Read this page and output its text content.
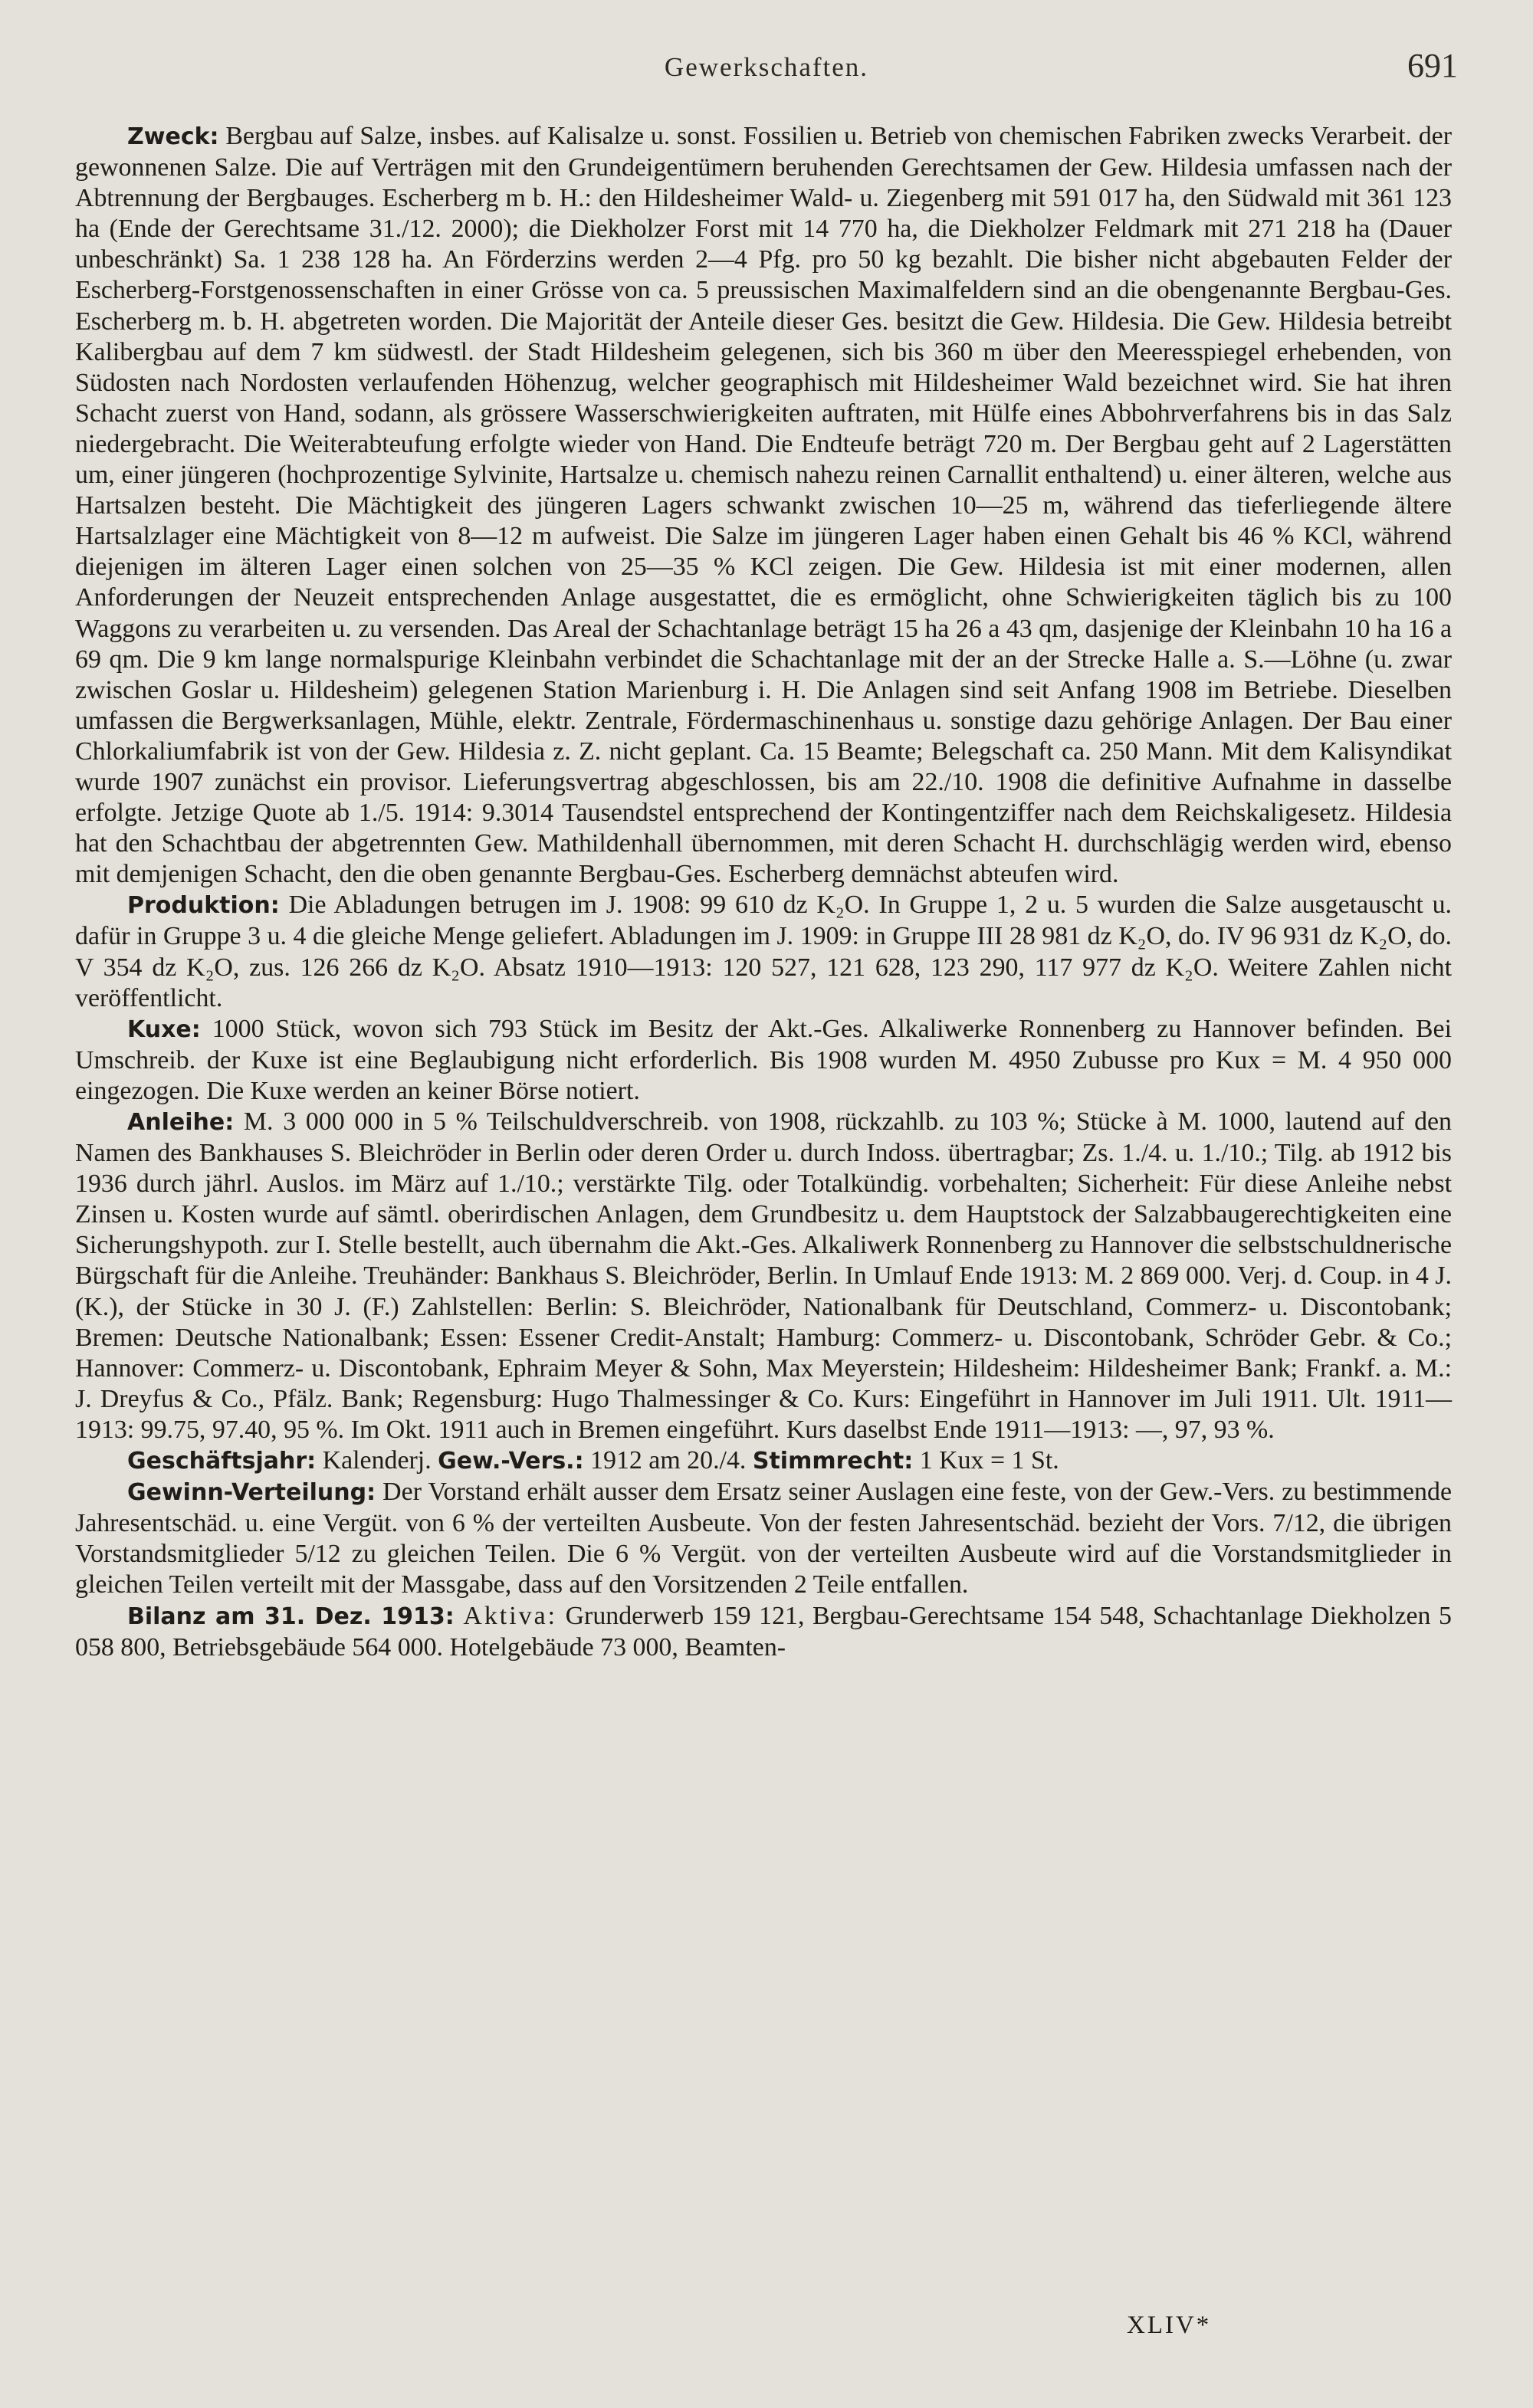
Gewerkschaften.	691

Zweck: Bergbau auf Salze, insbes. auf Kalisalze u. sonst. Fossilien u. Betrieb von chemischen Fabriken zwecks Verarbeit. der gewonnenen Salze. Die auf Verträgen mit den Grundeigentümern beruhenden Gerechtsamen der Gew. Hildesia umfassen nach der Abtrennung der Bergbauges. Escherberg m b. H.: den Hildesheimer Wald- u. Ziegenberg mit 591 017 ha, den Südwald mit 361 123 ha (Ende der Gerechtsame 31./12. 2000); die Diekholzer Forst mit 14 770 ha, die Diekholzer Feldmark mit 271 218 ha (Dauer unbeschränkt) Sa. 1 238 128 ha. An Förderzins werden 2—4 Pfg. pro 50 kg bezahlt. Die bisher nicht abgebauten Felder der Escherberg-Forstgenossenschaften in einer Grösse von ca. 5 preussischen Maximalfeldern sind an die obengenannte Bergbau-Ges. Escherberg m. b. H. abgetreten worden. Die Majorität der Anteile dieser Ges. besitzt die Gew. Hildesia. Die Gew. Hildesia betreibt Kalibergbau auf dem 7 km südwestl. der Stadt Hildesheim gelegenen, sich bis 360 m über den Meeresspiegel erhebenden, von Südosten nach Nordosten verlaufenden Höhenzug, welcher geographisch mit Hildesheimer Wald bezeichnet wird. Sie hat ihren Schacht zuerst von Hand, sodann, als grössere Wasserschwierigkeiten auftraten, mit Hülfe eines Abbohrverfahrens bis in das Salz niedergebracht. Die Weiterabteufung erfolgte wieder von Hand. Die Endteufe beträgt 720 m. Der Bergbau geht auf 2 Lagerstätten um, einer jüngeren (hochprozentige Sylvinite, Hartsalze u. chemisch nahezu reinen Carnallit enthaltend) u. einer älteren, welche aus Hartsalzen besteht. Die Mächtigkeit des jüngeren Lagers schwankt zwischen 10—25 m, während das tieferliegende ältere Hartsalzlager eine Mächtigkeit von 8—12 m aufweist. Die Salze im jüngeren Lager haben einen Gehalt bis 46 % KCl, während diejenigen im älteren Lager einen solchen von 25—35 % KCl zeigen. Die Gew. Hildesia ist mit einer modernen, allen Anforderungen der Neuzeit entsprechenden Anlage ausgestattet, die es ermöglicht, ohne Schwierigkeiten täglich bis zu 100 Waggons zu verarbeiten u. zu versenden. Das Areal der Schachtanlage beträgt 15 ha 26 a 43 qm, dasjenige der Kleinbahn 10 ha 16 a 69 qm. Die 9 km lange normalspurige Kleinbahn verbindet die Schachtanlage mit der an der Strecke Halle a. S.—Löhne (u. zwar zwischen Goslar u. Hildesheim) gelegenen Station Marienburg i. H. Die Anlagen sind seit Anfang 1908 im Betriebe. Dieselben umfassen die Bergwerksanlagen, Mühle, elektr. Zentrale, Fördermaschinenhaus u. sonstige dazu gehörige Anlagen. Der Bau einer Chlorkaliumfabrik ist von der Gew. Hildesia z. Z. nicht geplant. Ca. 15 Beamte; Belegschaft ca. 250 Mann. Mit dem Kalisyndikat wurde 1907 zunächst ein provisor. Lieferungsvertrag abgeschlossen, bis am 22./10. 1908 die definitive Aufnahme in dasselbe erfolgte. Jetzige Quote ab 1./5. 1914: 9.3014 Tausendstel entsprechend der Kontingentziffer nach dem Reichskaligesetz. Hildesia hat den Schachtbau der abgetrennten Gew. Mathildenhall übernommen, mit deren Schacht H. durchschlägig werden wird, ebenso mit demjenigen Schacht, den die oben genannte Bergbau-Ges. Escherberg demnächst abteufen wird.

Produktion: Die Abladungen betrugen im J. 1908: 99 610 dz K₂O. In Gruppe 1, 2 u. 5 wurden die Salze ausgetauscht u. dafür in Gruppe 3 u. 4 die gleiche Menge geliefert. Abladungen im J. 1909: in Gruppe III 28 981 dz K₂O, do. IV 96 931 dz K₂O, do. V 354 dz K₂O, zus. 126 266 dz K₂O. Absatz 1910—1913: 120 527, 121 628, 123 290, 117 977 dz K₂O. Weitere Zahlen nicht veröffentlicht.

Kuxe: 1000 Stück, wovon sich 793 Stück im Besitz der Akt.-Ges. Alkaliwerke Ronnenberg zu Hannover befinden. Bei Umschreib. der Kuxe ist eine Beglaubigung nicht erforderlich. Bis 1908 wurden M. 4950 Zubusse pro Kux = M. 4 950 000 eingezogen. Die Kuxe werden an keiner Börse notiert.

Anleihe: M. 3 000 000 in 5 % Teilschuldverschreib. von 1908, rückzahlb. zu 103 %; Stücke à M. 1000, lautend auf den Namen des Bankhauses S. Bleichröder in Berlin oder deren Order u. durch Indoss. übertragbar; Zs. 1./4. u. 1./10.; Tilg. ab 1912 bis 1936 durch jährl. Auslos. im März auf 1./10.; verstärkte Tilg. oder Totalkündig. vorbehalten; Sicherheit: Für diese Anleihe nebst Zinsen u. Kosten wurde auf sämtl. oberirdischen Anlagen, dem Grundbesitz u. dem Hauptstock der Salzabbaugerechtigkeiten eine Sicherungshypoth. zur I. Stelle bestellt, auch übernahm die Akt.-Ges. Alkaliwerk Ronnenberg zu Hannover die selbstschuldnerische Bürgschaft für die Anleihe. Treuhänder: Bankhaus S. Bleichröder, Berlin. In Umlauf Ende 1913: M. 2 869 000. Verj. d. Coup. in 4 J. (K.), der Stücke in 30 J. (F.) Zahlstellen: Berlin: S. Bleichröder, Nationalbank für Deutschland, Commerz- u. Discontobank; Bremen: Deutsche Nationalbank; Essen: Essener Credit-Anstalt; Hamburg: Commerz- u. Discontobank, Schröder Gebr. & Co.; Hannover: Commerz- u. Discontobank, Ephraim Meyer & Sohn, Max Meyerstein; Hildesheim: Hildesheimer Bank; Frankf. a. M.: J. Dreyfus & Co., Pfälz. Bank; Regensburg: Hugo Thalmessinger & Co. Kurs: Eingeführt in Hannover im Juli 1911. Ult. 1911—1913: 99.75, 97.40, 95 %. Im Okt. 1911 auch in Bremen eingeführt. Kurs daselbst Ende 1911—1913: —, 97, 93 %.

Geschäftsjahr: Kalenderj. Gew.-Vers.: 1912 am 20./4. Stimmrecht: 1 Kux = 1 St.

Gewinn-Verteilung: Der Vorstand erhält ausser dem Ersatz seiner Auslagen eine feste, von der Gew.-Vers. zu bestimmende Jahresentschäd. u. eine Vergüt. von 6 % der verteilten Ausbeute. Von der festen Jahresentschäd. bezieht der Vors. 7/12, die übrigen Vorstandsmitglieder 5/12 zu gleichen Teilen. Die 6 % Vergüt. von der verteilten Ausbeute wird auf die Vorstandsmitglieder in gleichen Teilen verteilt mit der Massgabe, dass auf den Vorsitzenden 2 Teile entfallen.

Bilanz am 31. Dez. 1913: Aktiva: Grunderwerb 159 121, Bergbau-Gerechtsame 154 548, Schachtanlage Diekholzen 5 058 800, Betriebsgebäude 564 000. Hotelgebäude 73 000, Beamten-

XLIV*
